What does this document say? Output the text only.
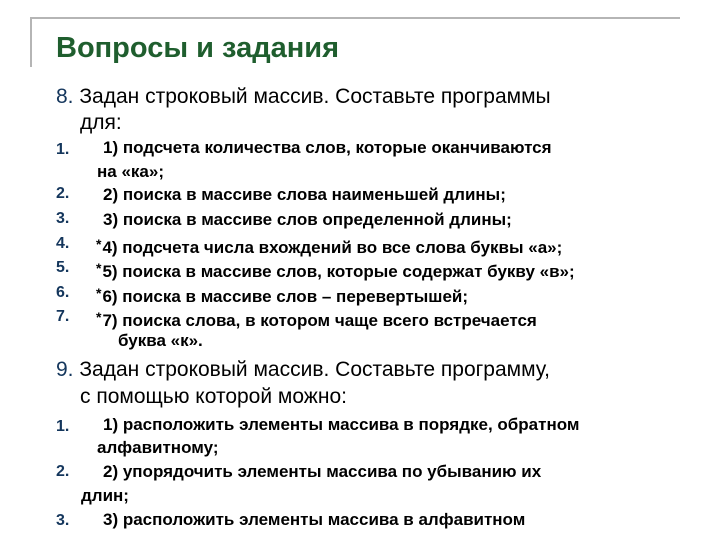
Вопросы и задания
8. Задан строковый массив. Составьте программы
для:
1.
2.
3.
4.
5.
6.
7.
1) подсчета количества слов, которые оканчиваются
на «ка»;
2) поиска в массиве слова наименьшей длины;
3) поиска в массиве слов определенной длины;
*4) подсчета числа вхождений во все слова буквы «а»;
*5) поиска в массиве слов, которые содержат букву «в»;
*6) поиска в массиве слов – перевертышей;
*7) поиска слова, в котором чаще всего встречается
буква «к».
9. Задан строковый массив. Составьте программу,
с помощью которой можно:
1.
2.
3.
1) расположить элементы массива в порядке, обратном
алфавитному;
2) упорядочить элементы массива по убыванию их
длин;
3) расположить элементы массива в алфавитном
